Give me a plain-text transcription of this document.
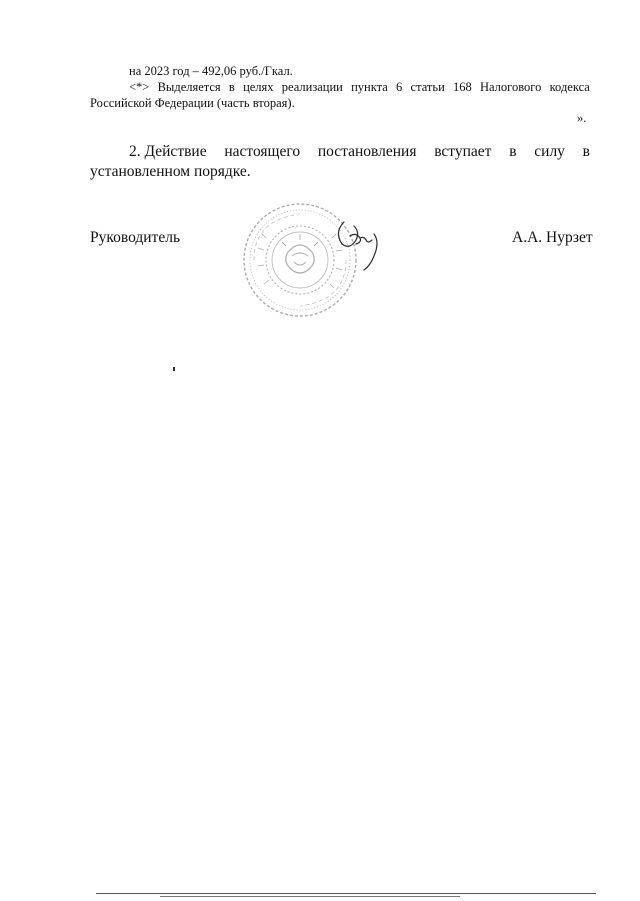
на 2023 год – 492,06 руб./Гкал.
<*> Выделяется в целях реализации пункта 6 статьи 168 Налогового кодекса
Российской Федерации (часть вторая).
».
2. Действие настоящего постановления вступает в силу в
установленном порядке.
Руководитель	А.А. Нурзет
